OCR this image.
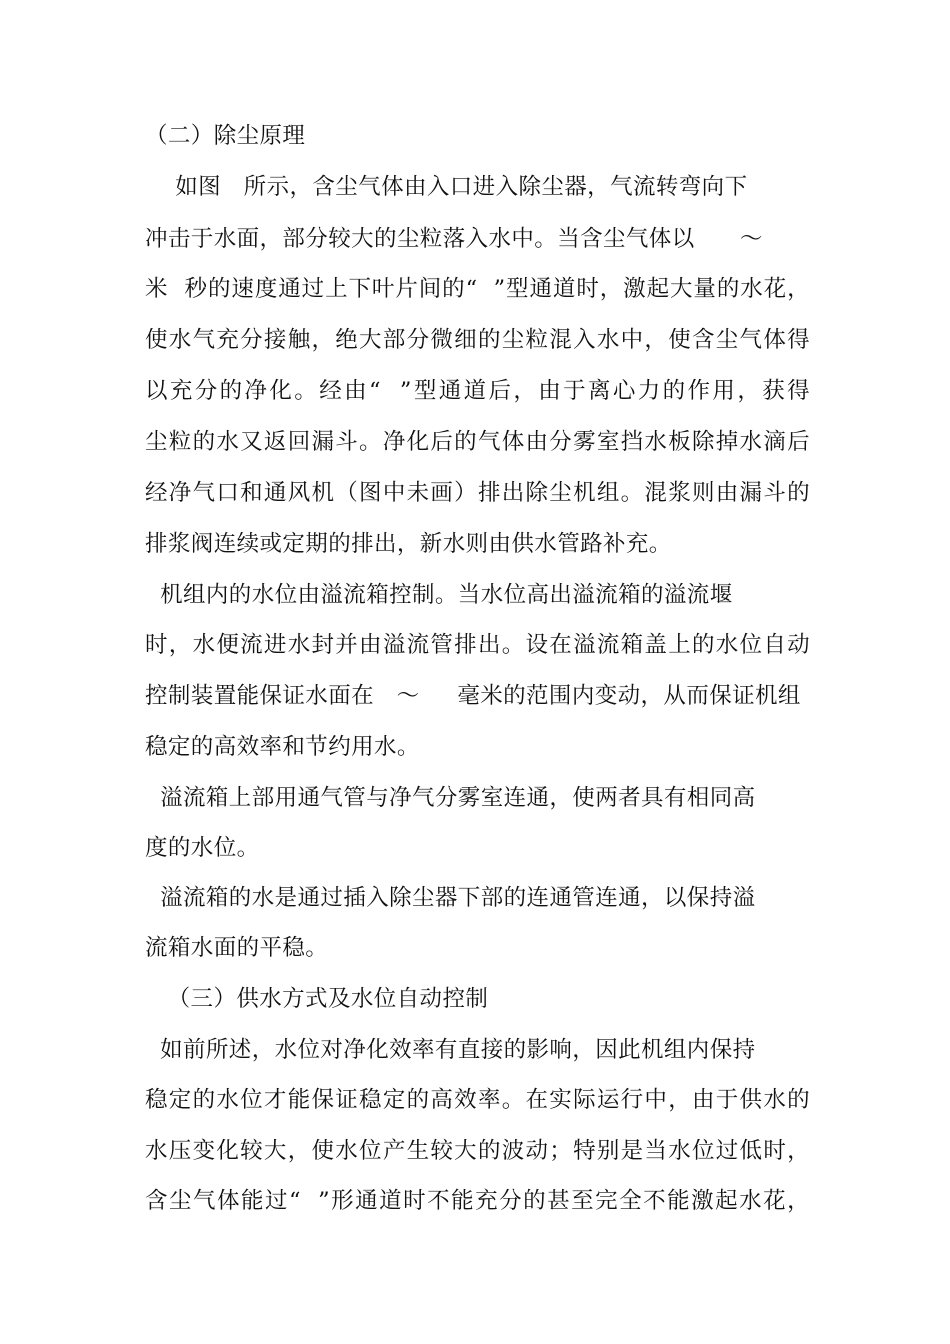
（二）除尘原理
如图   所示，含尘气体由入口进入除尘器，气流转弯向下
冲击于水面，部分较大的尘粒落入水中。当含尘气体以      ～
米  秒的速度通过上下叶片间的“  ”型通道时，激起大量的水花，
使水气充分接触，绝大部分微细的尘粒混入水中，使含尘气体得
以充分的净化。经由“  ”型通道后，由于离心力的作用，获得
尘粒的水又返回漏斗。净化后的气体由分雾室挡水板除掉水滴后
经净气口和通风机（图中未画）排出除尘机组。混浆则由漏斗的
排浆阀连续或定期的排出，新水则由供水管路补充。
机组内的水位由溢流箱控制。当水位高出溢流箱的溢流堰
时，水便流进水封并由溢流管排出。设在溢流箱盖上的水位自动
控制装置能保证水面在   ～     毫米的范围内变动，从而保证机组
稳定的高效率和节约用水。
溢流箱上部用通气管与净气分雾室连通，使两者具有相同高
度的水位。
溢流箱的水是通过插入除尘器下部的连通管连通，以保持溢
流箱水面的平稳。
（三）供水方式及水位自动控制
如前所述，水位对净化效率有直接的影响，因此机组内保持
稳定的水位才能保证稳定的高效率。在实际运行中，由于供水的
水压变化较大，使水位产生较大的波动；特别是当水位过低时，
含尘气体能过“  ”形通道时不能充分的甚至完全不能激起水花，
